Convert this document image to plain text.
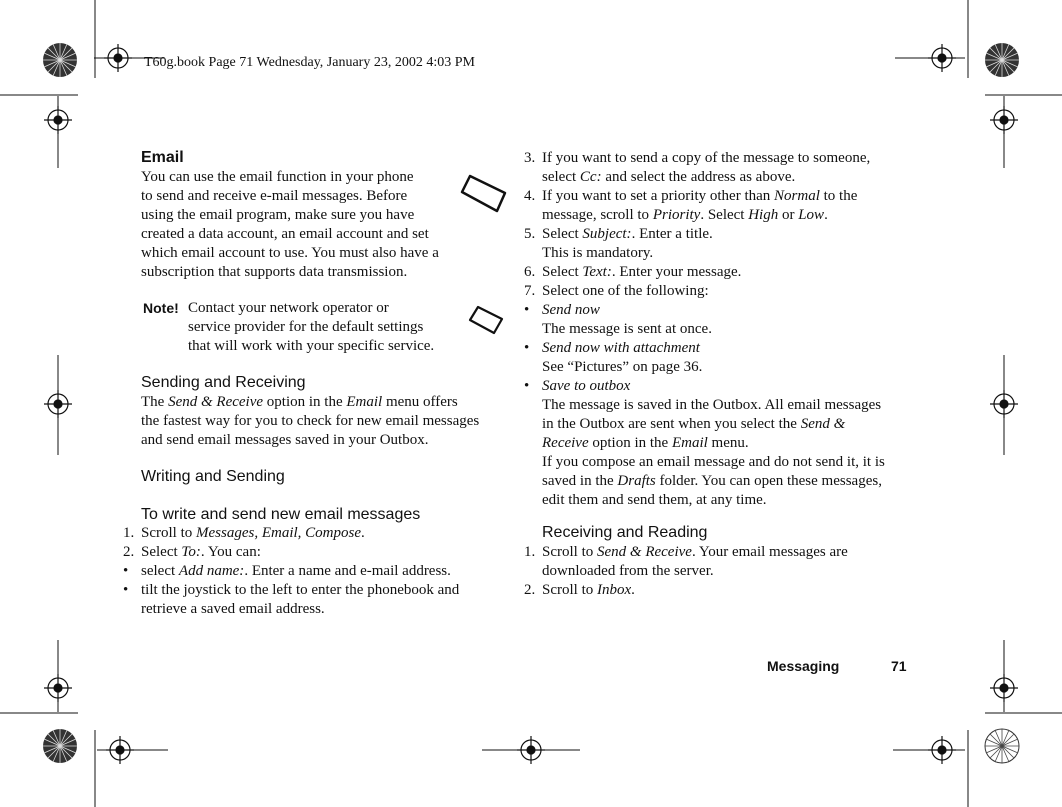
T60g.book Page 71 Wednesday, January 23, 2002 4:03 PM
Email
You can use the email function in your phone
to send and receive e-mail messages. Before
using the email program, make sure you have
created a data account, an email account and set
which email account to use. You must also have a
subscription that supports data transmission.
Note! Contact your network operator or
service provider for the default settings
that will work with your specific service.
Sending and Receiving
The Send & Receive option in the Email menu offers
the fastest way for you to check for new email messages
and send email messages saved in your Outbox.
Writing and Sending
To write and send new email messages
1. Scroll to Messages, Email, Compose.
2. Select To:. You can:
• select Add name:. Enter a name and e-mail address.
• tilt the joystick to the left to enter the phonebook and
retrieve a saved email address.
3. If you want to send a copy of the message to someone,
select Cc: and select the address as above.
4. If you want to set a priority other than Normal to the
message, scroll to Priority. Select High or Low.
5. Select Subject:. Enter a title.
This is mandatory.
6. Select Text:. Enter your message.
7. Select one of the following:
• Send now
The message is sent at once.
• Send now with attachment
See “Pictures” on page 36.
• Save to outbox
The message is saved in the Outbox. All email messages
in the Outbox are sent when you select the Send &
Receive option in the Email menu.
If you compose an email message and do not send it, it is
saved in the Drafts folder. You can open these messages,
edit them and send them, at any time.
Receiving and Reading
1. Scroll to Send & Receive. Your email messages are
downloaded from the server.
2. Scroll to Inbox.
Messaging	71
